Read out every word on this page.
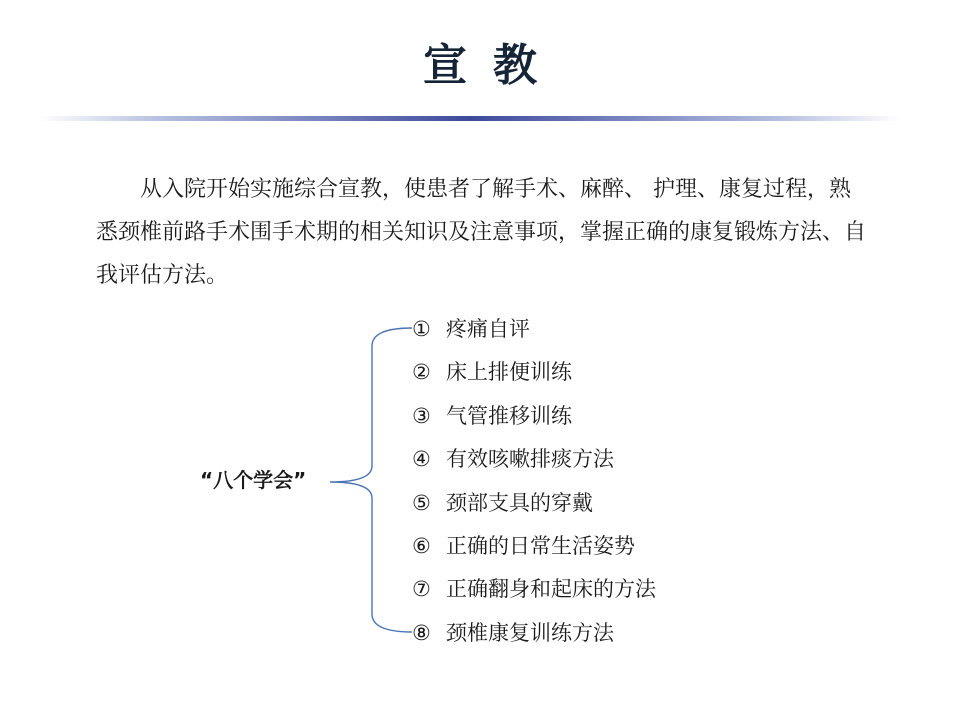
宣教

从入院开始实施综合宣教，使患者了解手术、麻醉、 护理、康复过程，熟悉颈椎前路手术围手术期的相关知识及注意事项，掌握正确的康复锻炼方法、自我评估方法。

“八个学会”
① 疼痛自评
② 床上排便训练
③ 气管推移训练
④ 有效咳嗽排痰方法
⑤ 颈部支具的穿戴
⑥ 正确的日常生活姿势
⑦ 正确翻身和起床的方法
⑧ 颈椎康复训练方法
